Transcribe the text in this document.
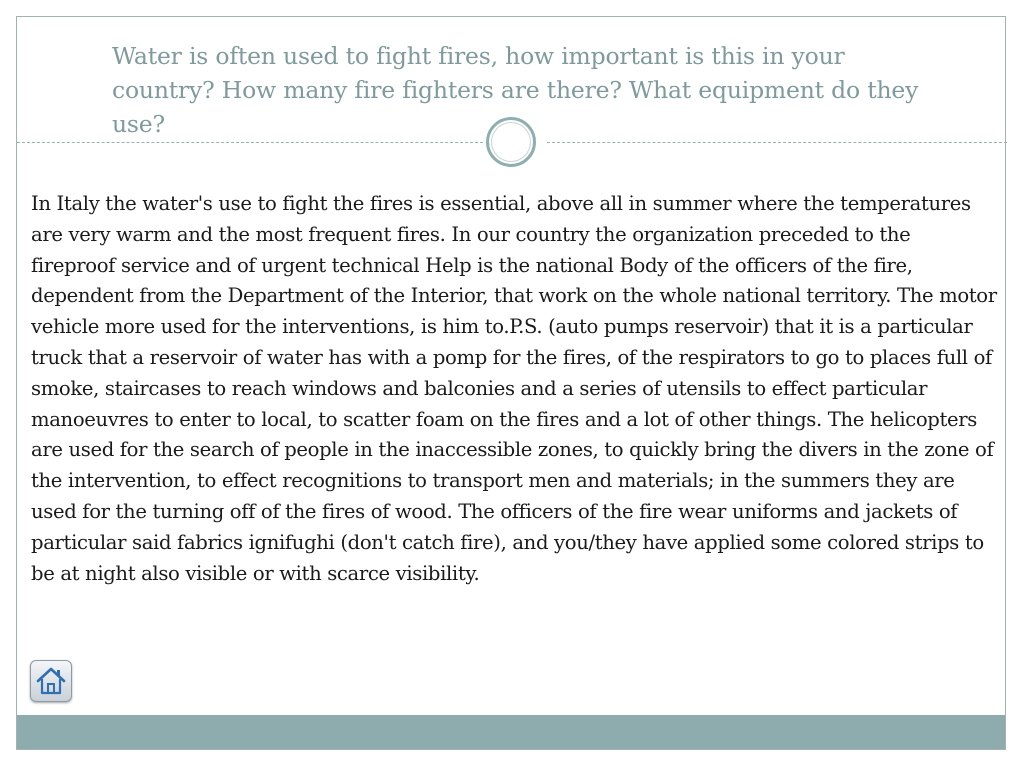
Water is often used to fight fires, how important is this in your country? How many fire fighters are there? What equipment do they use?

In Italy the water's use to fight the fires is essential, above all in summer where the temperatures are very warm and the most frequent fires. In our country the organization preceded to the fireproof service and of urgent technical Help is the national Body of the officers of the fire, dependent from the Department of the Interior, that work on the whole national territory. The motor vehicle more used for the interventions, is him to.P.S. (auto pumps reservoir) that it is a particular truck that a reservoir of water has with a pomp for the fires, of the respirators to go to places full of smoke, staircases to reach windows and balconies and a series of utensils to effect particular manoeuvres to enter to local, to scatter foam on the fires and a lot of other things. The helicopters are used for the search of people in the inaccessible zones, to quickly bring the divers in the zone of the intervention, to effect recognitions to transport men and materials; in the summers they are used for the turning off of the fires of wood. The officers of the fire wear uniforms and jackets of particular said fabrics ignifughi (don't catch fire), and you/they have applied some colored strips to be at night also visible or with scarce visibility.
